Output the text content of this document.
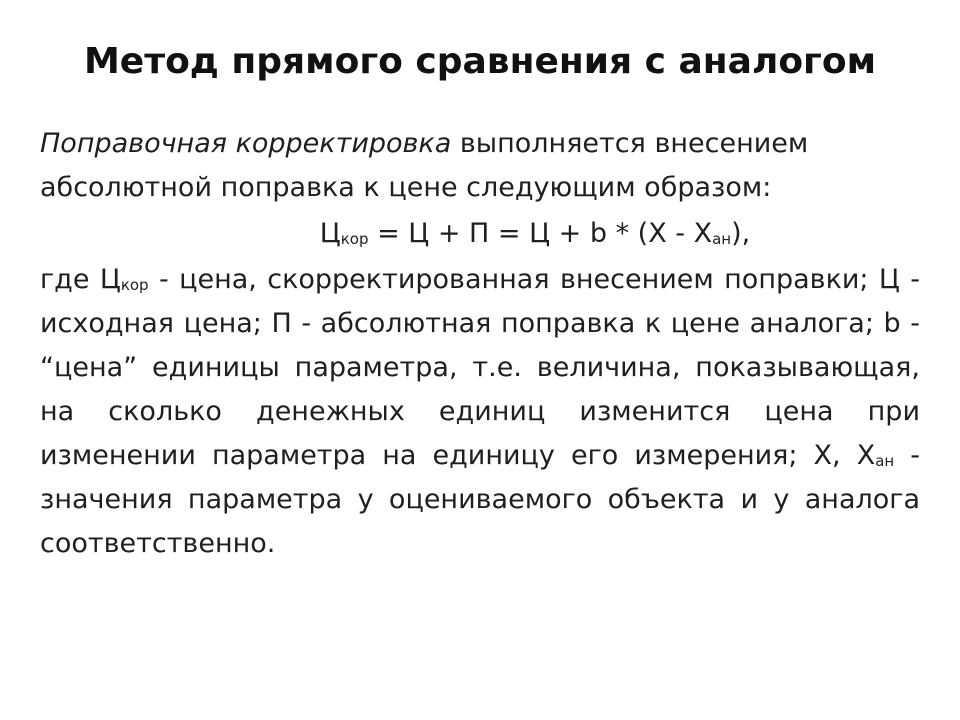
Метод прямого сравнения с аналогом

Поправочная корректировка выполняется внесением абсолютной поправка к цене следующим образом:

$Ц_{кор} = Ц + П = Ц + b * (Х - Х_{ан})$,

где $Ц_{кор}$ - цена, скорректированная внесением поправки; Ц - исходная цена; П - абсолютная поправка к цене аналога; b - “цена” единицы параметра, т.е. величина, показывающая, на сколько денежных единиц изменится цена при изменении параметра на единицу его измерения; Х, $Х_{ан}$ - значения параметра у оцениваемого объекта и у аналога соответственно.
